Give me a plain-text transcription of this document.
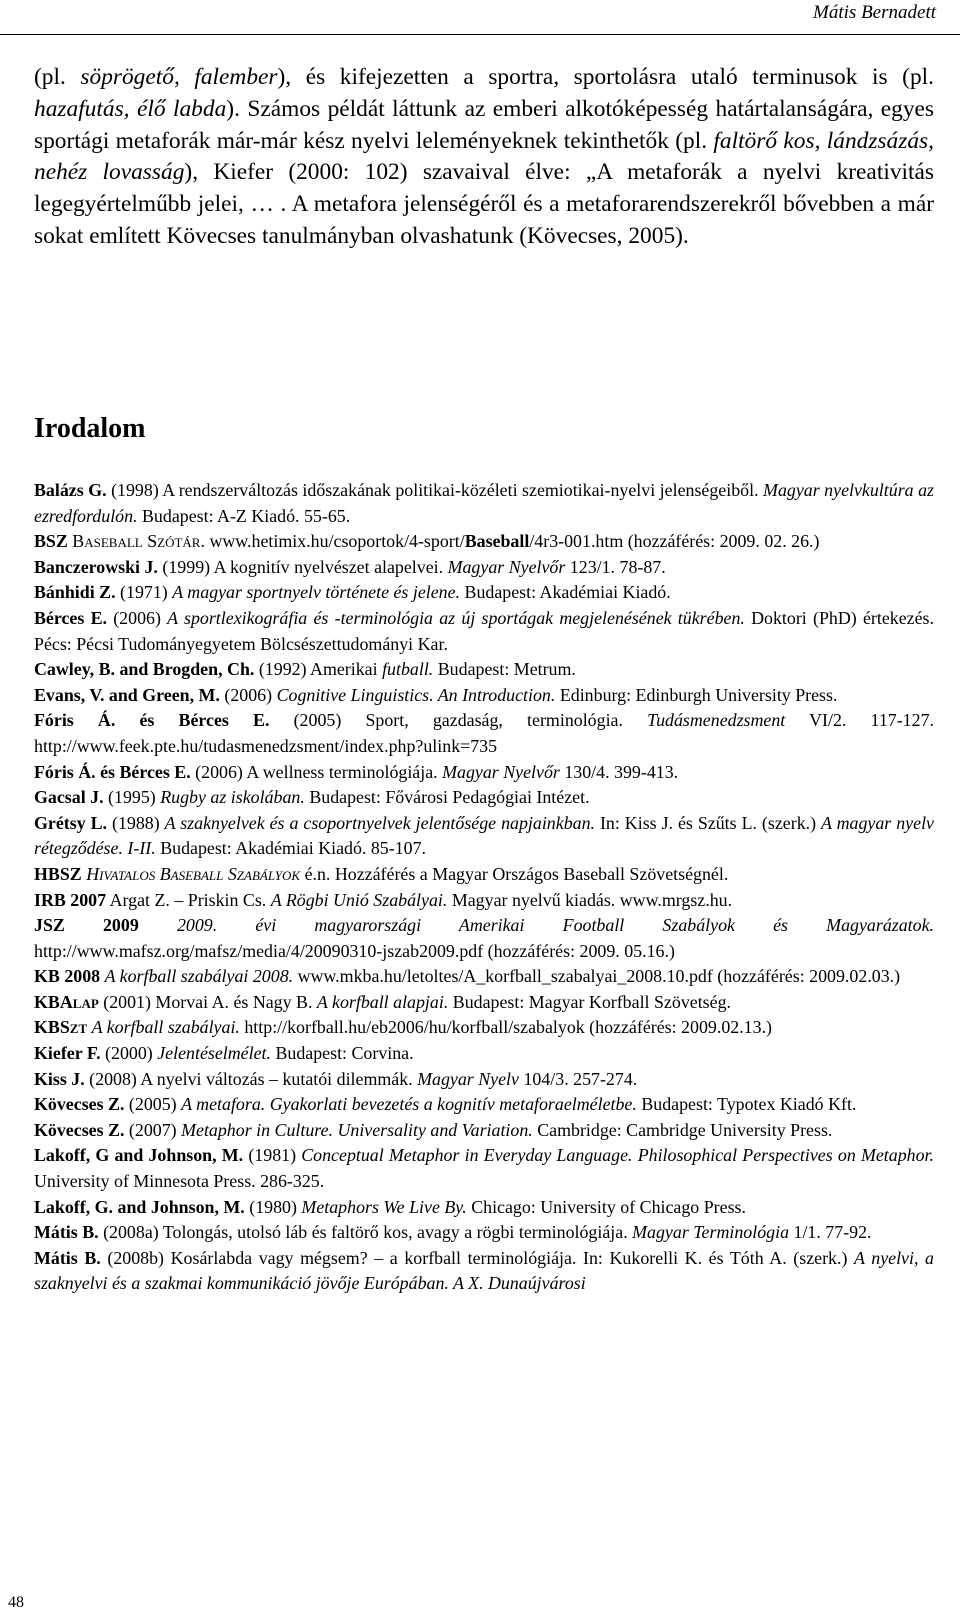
Mátis Bernadett
(pl. söprögető, falember), és kifejezetten a sportra, sportolásra utaló terminusok is (pl. hazafutás, élő labda). Számos példát láttunk az emberi alkotóképesség határtalanságára, egyes sportági metaforák már-már kész nyelvi leleményeknek tekinthetők (pl. faltörő kos, lándzsázás, nehéz lovasság), Kiefer (2000: 102) szavaival élve: „A metaforák a nyelvi kreativitás legegyértelműbb jelei, … . A metafora jelenségéről és a metaforarendszerekről bővebben a már sokat említett Kövecses tanulmányban olvashatunk (Kövecses, 2005).
Irodalom
Balázs G. (1998) A rendszerváltozás időszakának politikai-közéleti szemiotikai-nyelvi jelenségeiből. Magyar nyelvkultúra az ezredfordulón. Budapest: A-Z Kiadó. 55-65.
BSZ Baseball Szótár. www.hetimix.hu/csoportok/4-sport/Baseball/4r3-001.htm (hozzáférés: 2009. 02. 26.)
Banczerowski J. (1999) A kognitív nyelvészet alapelvei. Magyar Nyelvőr 123/1. 78-87.
Bánhidi Z. (1971) A magyar sportnyelv története és jelene. Budapest: Akadémiai Kiadó.
Bérces E. (2006) A sportlexikográfia és -terminológia az új sportágak megjelenésének tükrében. Doktori (PhD) értekezés. Pécs: Pécsi Tudományegyetem Bölcsészettudományi Kar.
Cawley, B. and Brogden, Ch. (1992) Amerikai futball. Budapest: Metrum.
Evans, V. and Green, M. (2006) Cognitive Linguistics. An Introduction. Edinburg: Edinburgh University Press.
Fóris Á. és Bérces E. (2005) Sport, gazdaság, terminológia. Tudásmenedzsment VI/2. 117-127. http://www.feek.pte.hu/tudasmenedzsment/index.php?ulink=735
Fóris Á. és Bérces E. (2006) A wellness terminológiája. Magyar Nyelvőr 130/4. 399-413.
Gacsal J. (1995) Rugby az iskolában. Budapest: Fővárosi Pedagógiai Intézet.
Grétsy L. (1988) A szaknyelvek és a csoportnyelvek jelentősége napjainkban. In: Kiss J. és Szűts L. (szerk.) A magyar nyelv rétegződése. I-II. Budapest: Akadémiai Kiadó. 85-107.
HBSZ Hivatalos Baseball Szabályok é.n. Hozzáférés a Magyar Országos Baseball Szövetségnél.
IRB 2007 Argat Z. – Priskin Cs. A Rögbi Unió Szabályai. Magyar nyelvű kiadás. www.mrgsz.hu.
JSZ 2009 2009. évi magyarországi Amerikai Football Szabályok és Magyarázatok. http://www.mafsz.org/mafsz/media/4/20090310-jszab2009.pdf (hozzáférés: 2009. 05.16.)
KB 2008 A korfball szabályai 2008. www.mkba.hu/letoltes/A_korfball_szabalyai_2008.10.pdf (hozzáférés: 2009.02.03.)
KBAlap (2001) Morvai A. és Nagy B. A korfball alapjai. Budapest: Magyar Korfball Szövetség.
KBSzt A korfball szabályai. http://korfball.hu/eb2006/hu/korfball/szabalyok (hozzáférés: 2009.02.13.)
Kiefer F. (2000) Jelentéselmélet. Budapest: Corvina.
Kiss J. (2008) A nyelvi változás – kutatói dilemmák. Magyar Nyelv 104/3. 257-274.
Kövecses Z. (2005) A metafora. Gyakorlati bevezetés a kognitív metaforaelméletbe. Budapest: Typotex Kiadó Kft.
Kövecses Z. (2007) Metaphor in Culture. Universality and Variation. Cambridge: Cambridge University Press.
Lakoff, G and Johnson, M. (1981) Conceptual Metaphor in Everyday Language. Philosophical Perspectives on Metaphor. University of Minnesota Press. 286-325.
Lakoff, G. and Johnson, M. (1980) Metaphors We Live By. Chicago: University of Chicago Press.
Mátis B. (2008a) Tolongás, utolsó láb és faltörő kos, avagy a rögbi terminológiája. Magyar Terminológia 1/1. 77-92.
Mátis B. (2008b) Kosárlabda vagy mégsem? – a korfball terminológiája. In: Kukorelli K. és Tóth A. (szerk.) A nyelvi, a szaknyelvi és a szakmai kommunikáció jövője Európában. A X. Dunaújvárosi
48
